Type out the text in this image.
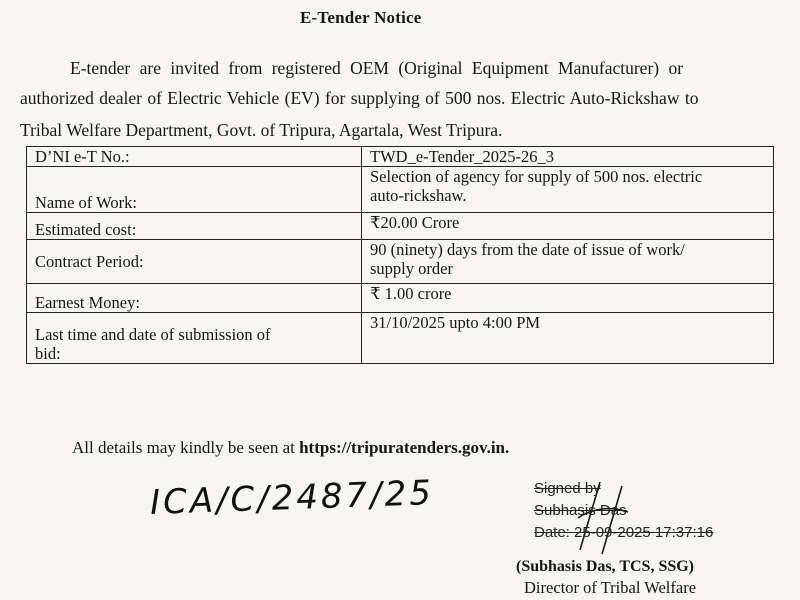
E-Tender Notice
E-tender are invited from registered OEM (Original Equipment Manufacturer) or
authorized dealer of Electric Vehicle (EV) for supplying of 500 nos. Electric Auto-Rickshaw to
Tribal Welfare Department, Govt. of Tripura, Agartala, West Tripura.
D’NI e-T No.:	TWD_e-Tender_2025-26_3
Name of Work:	Selection of agency for supply of 500 nos. electric
auto-rickshaw.
Estimated cost:	₹20.00 Crore
Contract Period:	90 (ninety) days from the date of issue of work/
supply order
Earnest Money:	₹ 1.00 crore
Last time and date of submission of
bid:	31/10/2025 upto 4:00 PM
All details may kindly be seen at https://tripuratenders.gov.in.
ICA/C/2487/25	Signed by
Subhasis Das
Date: 25-09-2025 17:37:16
(Subhasis Das, TCS, SSG)
Director of Tribal Welfare
